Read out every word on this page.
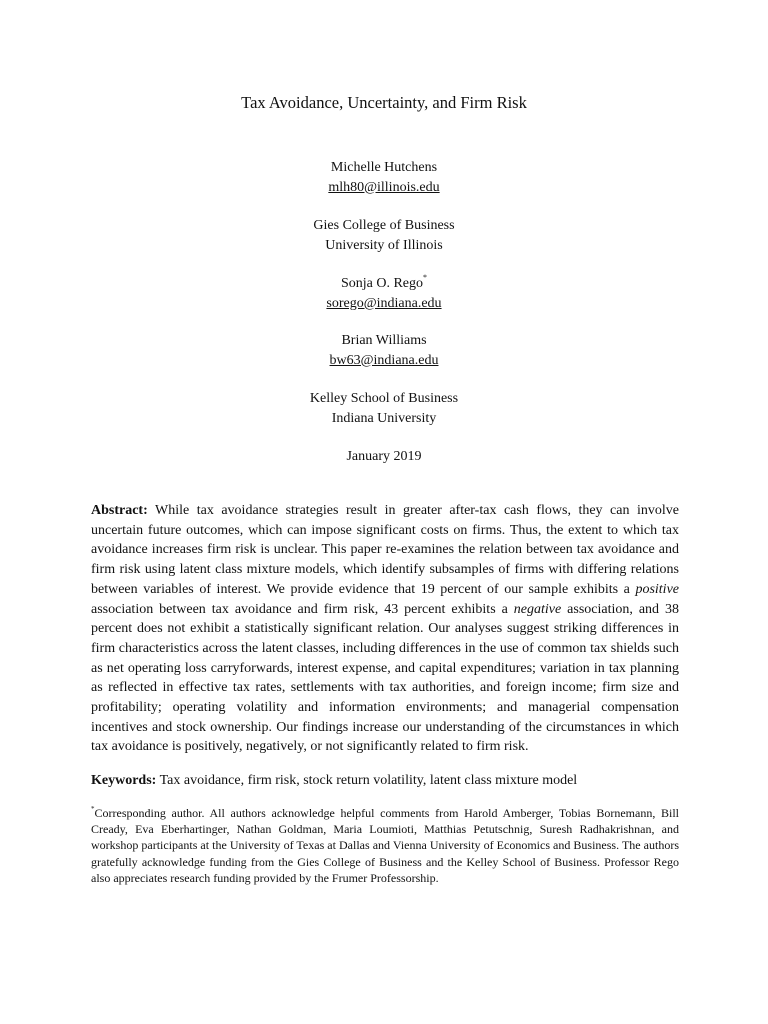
Tax Avoidance, Uncertainty, and Firm Risk
Michelle Hutchens
mlh80@illinois.edu
Gies College of Business
University of Illinois
Sonja O. Rego*
sorego@indiana.edu
Brian Williams
bw63@indiana.edu
Kelley School of Business
Indiana University
January 2019
Abstract: While tax avoidance strategies result in greater after-tax cash flows, they can involve uncertain future outcomes, which can impose significant costs on firms. Thus, the extent to which tax avoidance increases firm risk is unclear. This paper re-examines the relation between tax avoidance and firm risk using latent class mixture models, which identify subsamples of firms with differing relations between variables of interest. We provide evidence that 19 percent of our sample exhibits a positive association between tax avoidance and firm risk, 43 percent exhibits a negative association, and 38 percent does not exhibit a statistically significant relation. Our analyses suggest striking differences in firm characteristics across the latent classes, including differences in the use of common tax shields such as net operating loss carryforwards, interest expense, and capital expenditures; variation in tax planning as reflected in effective tax rates, settlements with tax authorities, and foreign income; firm size and profitability; operating volatility and information environments; and managerial compensation incentives and stock ownership. Our findings increase our understanding of the circumstances in which tax avoidance is positively, negatively, or not significantly related to firm risk.
Keywords: Tax avoidance, firm risk, stock return volatility, latent class mixture model
*Corresponding author. All authors acknowledge helpful comments from Harold Amberger, Tobias Bornemann, Bill Cready, Eva Eberhartinger, Nathan Goldman, Maria Loumioti, Matthias Petutschnig, Suresh Radhakrishnan, and workshop participants at the University of Texas at Dallas and Vienna University of Economics and Business. The authors gratefully acknowledge funding from the Gies College of Business and the Kelley School of Business. Professor Rego also appreciates research funding provided by the Frumer Professorship.
